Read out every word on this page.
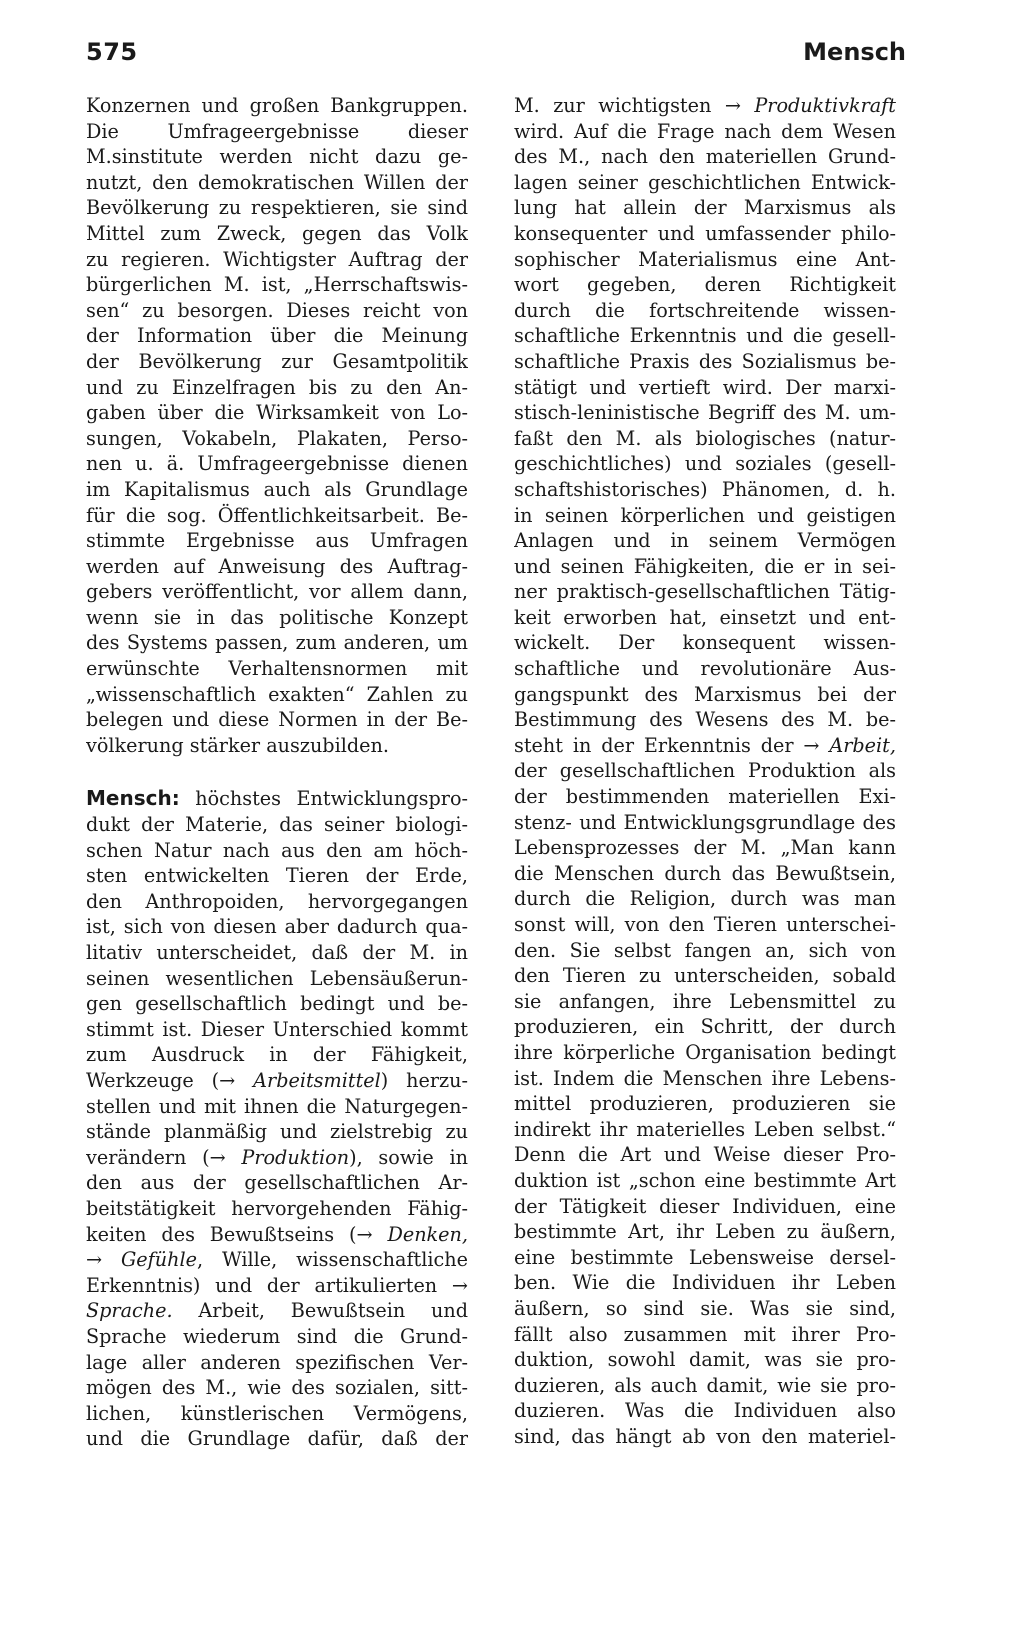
575	Mensch
Konzernen und großen Bankgruppen.
Die Umfrageergebnisse dieser
M.sinstitute werden nicht dazu ge-
nutzt, den demokratischen Willen der
Bevölkerung zu respektieren, sie sind
Mittel zum Zweck, gegen das Volk
zu regieren. Wichtigster Auftrag der
bürgerlichen M. ist, „Herrschaftswis-
sen“ zu besorgen. Dieses reicht von
der Information über die Meinung
der Bevölkerung zur Gesamtpolitik
und zu Einzelfragen bis zu den An-
gaben über die Wirksamkeit von Lo-
sungen, Vokabeln, Plakaten, Perso-
nen u. ä. Umfrageergebnisse dienen
im Kapitalismus auch als Grundlage
für die sog. Öffentlichkeitsarbeit. Be-
stimmte Ergebnisse aus Umfragen
werden auf Anweisung des Auftrag-
gebers veröffentlicht, vor allem dann,
wenn sie in das politische Konzept
des Systems passen, zum anderen, um
erwünschte Verhaltensnormen mit
„wissenschaftlich exakten“ Zahlen zu
belegen und diese Normen in der Be-
völkerung stärker auszubilden.
Mensch: höchstes Entwicklungspro-
dukt der Materie, das seiner biologi-
schen Natur nach aus den am höch-
sten entwickelten Tieren der Erde,
den Anthropoiden, hervorgegangen
ist, sich von diesen aber dadurch qua-
litativ unterscheidet, daß der M. in
seinen wesentlichen Lebensäußerun-
gen gesellschaftlich bedingt und be-
stimmt ist. Dieser Unterschied kommt
zum Ausdruck in der Fähigkeit,
Werkzeuge (→ Arbeitsmittel) herzu-
stellen und mit ihnen die Naturgegen-
stände planmäßig und zielstrebig zu
verändern (→ Produktion), sowie in
den aus der gesellschaftlichen Ar-
beitstätigkeit hervorgehenden Fähig-
keiten des Bewußtseins (→ Denken,
→ Gefühle, Wille, wissenschaftliche
Erkenntnis) und der artikulierten →
Sprache. Arbeit, Bewußtsein und
Sprache wiederum sind die Grund-
lage aller anderen spezifischen Ver-
mögen des M., wie des sozialen, sitt-
lichen, künstlerischen Vermögens,
und die Grundlage dafür, daß der
M. zur wichtigsten → Produktivkraft
wird. Auf die Frage nach dem Wesen
des M., nach den materiellen Grund-
lagen seiner geschichtlichen Entwick-
lung hat allein der Marxismus als
konsequenter und umfassender philo-
sophischer Materialismus eine Ant-
wort gegeben, deren Richtigkeit
durch die fortschreitende wissen-
schaftliche Erkenntnis und die gesell-
schaftliche Praxis des Sozialismus be-
stätigt und vertieft wird. Der marxi-
stisch-leninistische Begriff des M. um-
faßt den M. als biologisches (natur-
geschichtliches) und soziales (gesell-
schaftshistorisches) Phänomen, d. h.
in seinen körperlichen und geistigen
Anlagen und in seinem Vermögen
und seinen Fähigkeiten, die er in sei-
ner praktisch-gesellschaftlichen Tätig-
keit erworben hat, einsetzt und ent-
wickelt. Der konsequent wissen-
schaftliche und revolutionäre Aus-
gangspunkt des Marxismus bei der
Bestimmung des Wesens des M. be-
steht in der Erkenntnis der → Arbeit,
der gesellschaftlichen Produktion als
der bestimmenden materiellen Exi-
stenz- und Entwicklungsgrundlage des
Lebensprozesses der M. „Man kann
die Menschen durch das Bewußtsein,
durch die Religion, durch was man
sonst will, von den Tieren unterschei-
den. Sie selbst fangen an, sich von
den Tieren zu unterscheiden, sobald
sie anfangen, ihre Lebensmittel zu
produzieren, ein Schritt, der durch
ihre körperliche Organisation bedingt
ist. Indem die Menschen ihre Lebens-
mittel produzieren, produzieren sie
indirekt ihr materielles Leben selbst.“
Denn die Art und Weise dieser Pro-
duktion ist „schon eine bestimmte Art
der Tätigkeit dieser Individuen, eine
bestimmte Art, ihr Leben zu äußern,
eine bestimmte Lebensweise dersel-
ben. Wie die Individuen ihr Leben
äußern, so sind sie. Was sie sind,
fällt also zusammen mit ihrer Pro-
duktion, sowohl damit, was sie pro-
duzieren, als auch damit, wie sie pro-
duzieren. Was die Individuen also
sind, das hängt ab von den materiel-
